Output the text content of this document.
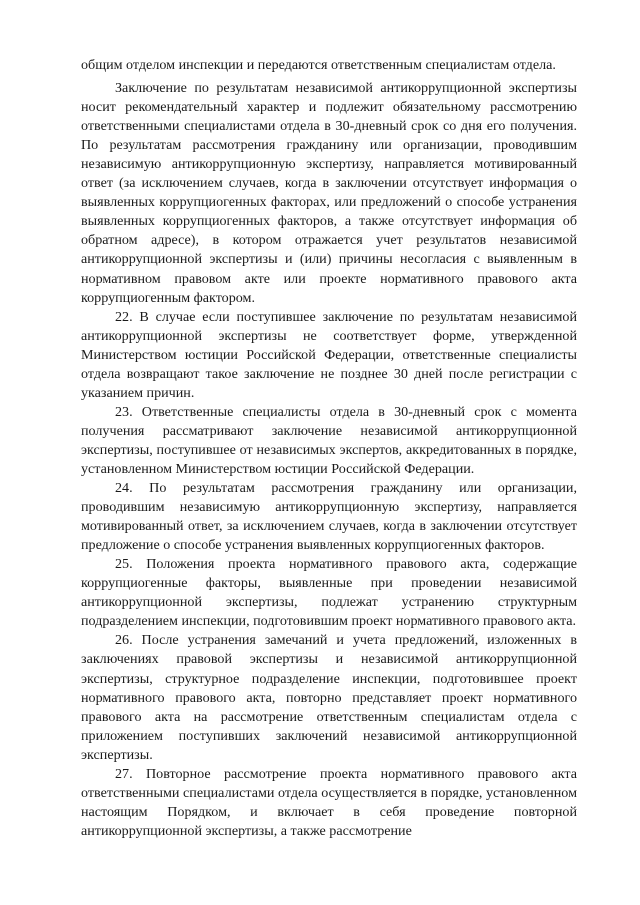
общим отделом инспекции и передаются ответственным специалистам отдела.

Заключение по результатам независимой антикоррупционной экспертизы носит рекомендательный характер и подлежит обязательному рассмотрению ответственными специалистами отдела в 30-дневный срок со дня его получения. По результатам рассмотрения гражданину или организации, проводившим независимую антикоррупционную экспертизу, направляется мотивированный ответ (за исключением случаев, когда в заключении отсутствует информация о выявленных коррупциогенных факторах, или предложений о способе устранения выявленных коррупциогенных факторов, а также отсутствует информация об обратном адресе), в котором отражается учет результатов независимой антикоррупционной экспертизы и (или) причины несогласия с выявленным в нормативном правовом акте или проекте нормативного правового акта коррупциогенным фактором.

22. В случае если поступившее заключение по результатам независимой антикоррупционной экспертизы не соответствует форме, утвержденной Министерством юстиции Российской Федерации, ответственные специалисты отдела возвращают такое заключение не позднее 30 дней после регистрации с указанием причин.

23. Ответственные специалисты отдела в 30-дневный срок с момента получения рассматривают заключение независимой антикоррупционной экспертизы, поступившее от независимых экспертов, аккредитованных в порядке, установленном Министерством юстиции Российской Федерации.

24. По результатам рассмотрения гражданину или организации, проводившим независимую антикоррупционную экспертизу, направляется мотивированный ответ, за исключением случаев, когда в заключении отсутствует предложение о способе устранения выявленных коррупциогенных факторов.

25. Положения проекта нормативного правового акта, содержащие коррупциогенные факторы, выявленные при проведении независимой антикоррупционной экспертизы, подлежат устранению структурным подразделением инспекции, подготовившим проект нормативного правового акта.

26. После устранения замечаний и учета предложений, изложенных в заключениях правовой экспертизы и независимой антикоррупционной экспертизы, структурное подразделение инспекции, подготовившее проект нормативного правового акта, повторно представляет проект нормативного правового акта на рассмотрение ответственным специалистам отдела с приложением поступивших заключений независимой антикоррупционной экспертизы.

27. Повторное рассмотрение проекта нормативного правового акта ответственными специалистами отдела осуществляется в порядке, установленном настоящим Порядком, и включает в себя проведение повторной антикоррупционной экспертизы, а также рассмотрение
